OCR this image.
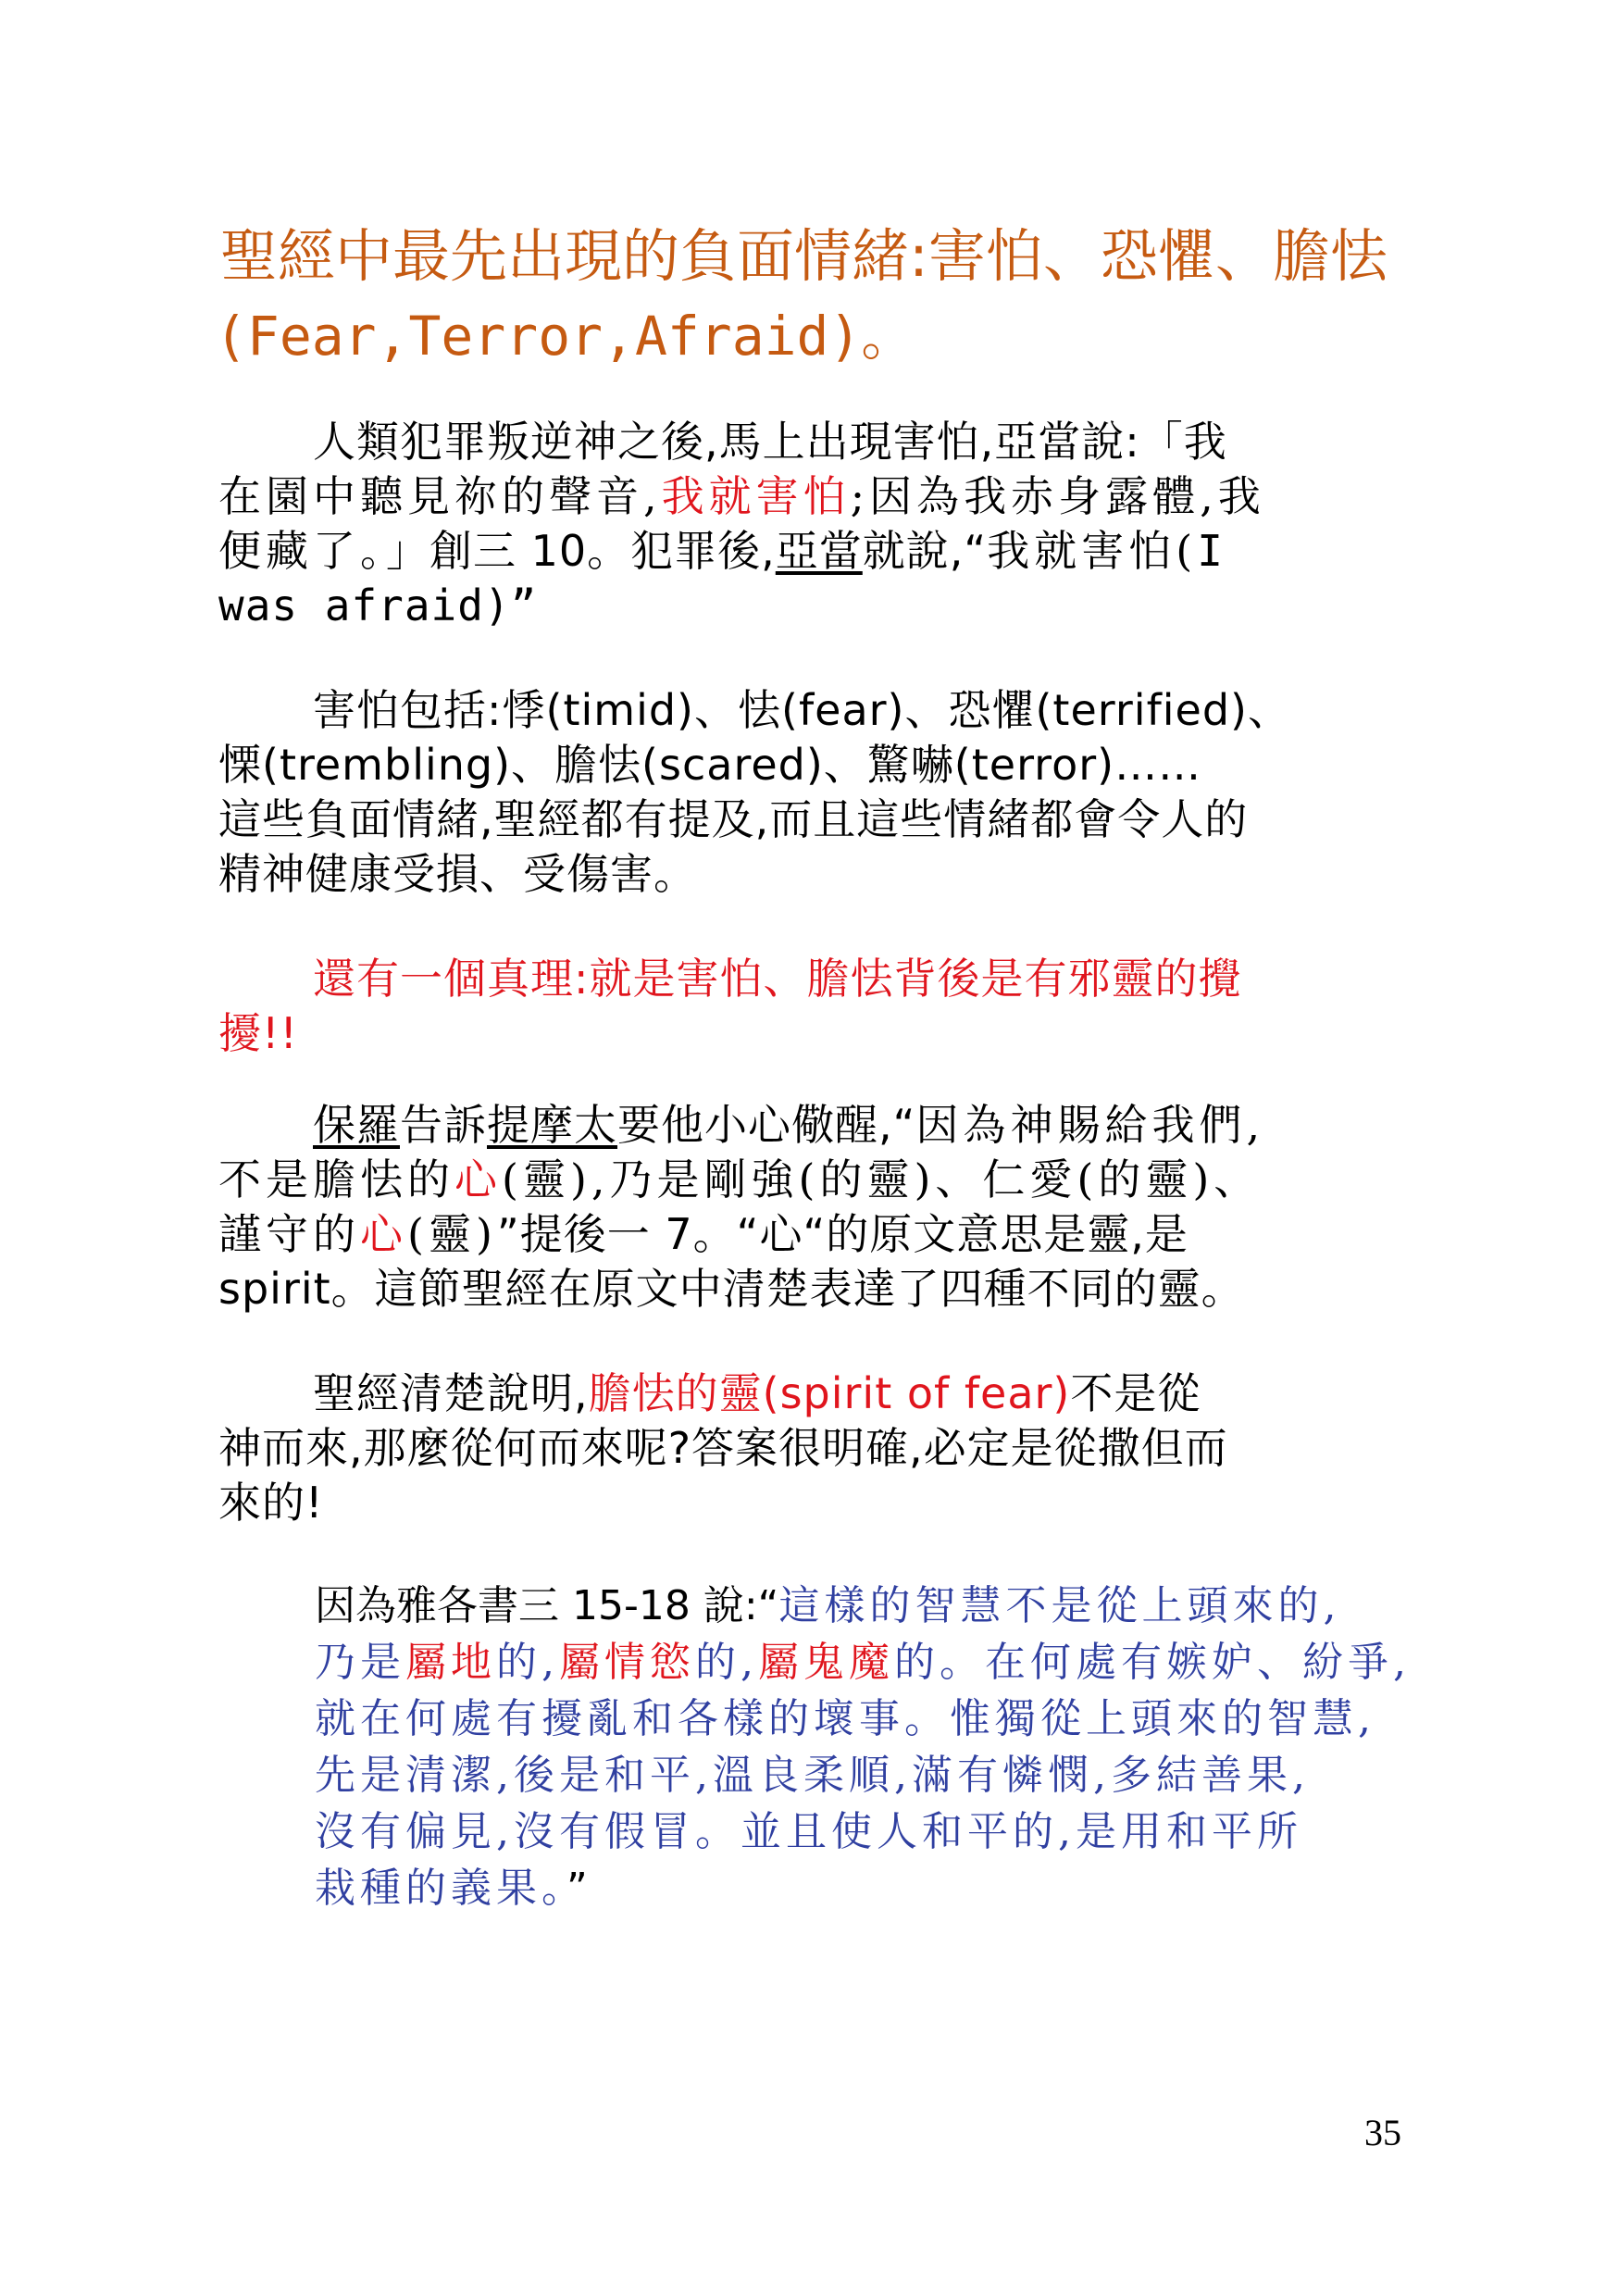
聖經中最先出現的負面情緒:害怕、恐懼、膽怯
(Fear,Terror,Afraid)。

人類犯罪叛逆神之後,馬上出現害怕,亞當說:「我
在園中聽見祢的聲音,我就害怕;因為我赤身露體,我
便藏了。」創三 10。犯罪後,亞當就說,“我就害怕(I
was afraid)”

害怕包括:悸(timid)、怯(fear)、恐懼(terrified)、
慄(trembling)、膽怯(scared)、驚嚇(terror)……
這些負面情緒,聖經都有提及,而且這些情緒都會令人的
精神健康受損、受傷害。

還有一個真理:就是害怕、膽怯背後是有邪靈的攪
擾!!

保羅告訴提摩太要他小心儆醒,“因為神賜給我們,
不是膽怯的心(靈),乃是剛強(的靈)、仁愛(的靈)、
謹守的心(靈)”提後一 7。“心“的原文意思是靈,是
spirit。這節聖經在原文中清楚表達了四種不同的靈。

聖經清楚說明,膽怯的靈(spirit of fear)不是從
神而來,那麼從何而來呢?答案很明確,必定是從撒但而
來的!

因為雅各書三 15-18 說:“這樣的智慧不是從上頭來的,
乃是屬地的,屬情慾的,屬鬼魔的。在何處有嫉妒、紛爭,
就在何處有擾亂和各樣的壞事。惟獨從上頭來的智慧,
先是清潔,後是和平,溫良柔順,滿有憐憫,多結善果,
沒有偏見,沒有假冒。並且使人和平的,是用和平所
栽種的義果。”
35
